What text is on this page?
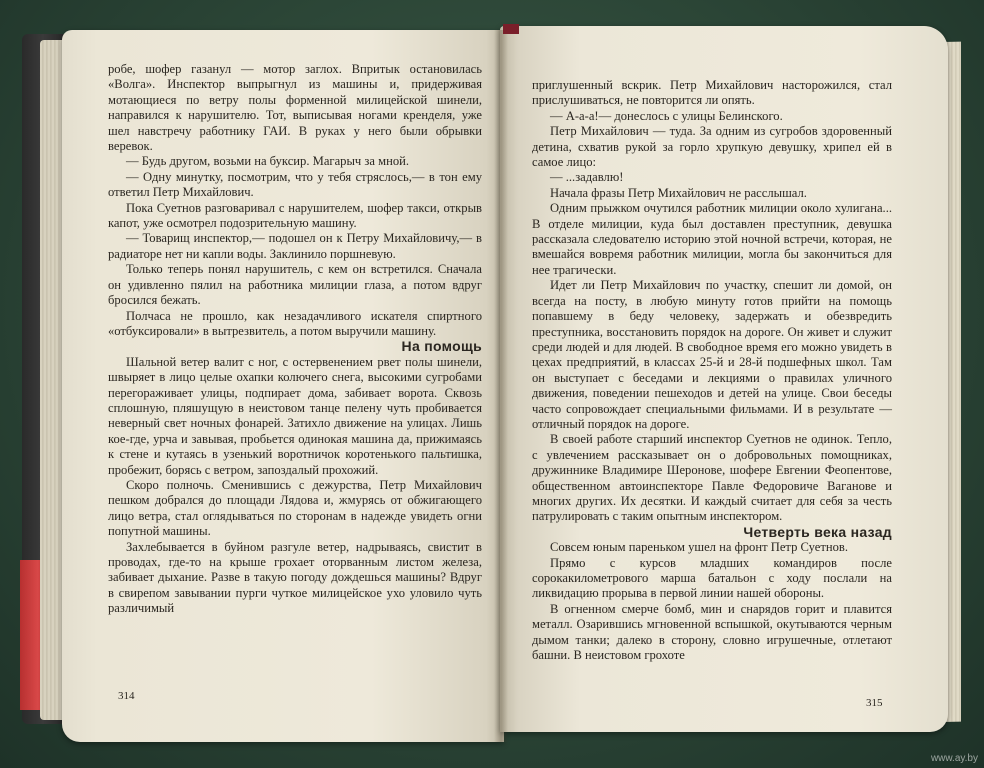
робе, шофер газанул — мотор заглох. Впритык остановилась «Волга». Инспектор выпрыгнул из машины и, придерживая мотающиеся по ветру полы форменной милицейской шинели, направился к нарушителю. Тот, выписывая ногами кренделя, уже шел навстречу работнику ГАИ. В руках у него были обрывки веревок.

— Будь другом, возьми на буксир. Магарыч за мной.

— Одну минутку, посмотрим, что у тебя стряслось,— в тон ему ответил Петр Михайлович.

Пока Суетнов разговаривал с нарушителем, шофер такси, открыв капот, уже осмотрел подозрительную машину.

— Товарищ инспектор,— подошел он к Петру Михайловичу,— в радиаторе нет ни капли воды. Заклинило поршневую.

Только теперь понял нарушитель, с кем он встретился. Сначала он удивленно пялил на работника милиции глаза, а потом вдруг бросился бежать.

Полчаса не прошло, как незадачливого искателя спиртного «отбуксировали» в вытрезвитель, а потом выручили машину.

На помощь

Шальной ветер валит с ног, с остервенением рвет полы шинели, швыряет в лицо целые охапки колючего снега, высокими сугробами перегораживает улицы, подпирает дома, забивает ворота. Сквозь сплошную, пляшущую в неистовом танце пелену чуть пробивается неверный свет ночных фонарей. Затихло движение на улицах. Лишь кое-где, урча и завывая, пробьется одинокая машина да, прижимаясь к стене и кутаясь в узенький воротничок коротенького пальтишка, пробежит, борясь с ветром, запоздалый прохожий.

Скоро полночь. Сменившись с дежурства, Петр Михайлович пешком добрался до площади Лядова и, жмурясь от обжигающего лицо ветра, стал оглядываться по сторонам в надежде увидеть огни попутной машины.

Захлебывается в буйном разгуле ветер, надрываясь, свистит в проводах, где-то на крыше грохает оторванным листом железа, забивает дыхание. Разве в такую погоду дождешься машины? Вдруг в свирепом завывании пурги чуткое милицейское ухо уловило чуть различимый

314

приглушенный вскрик. Петр Михайлович насторожился, стал прислушиваться, не повторится ли опять.

— А-а-а!— донеслось с улицы Белинского.

Петр Михайлович — туда. За одним из сугробов здоровенный детина, схватив рукой за горло хрупкую девушку, хрипел ей в самое лицо:

— ...задавлю!

Начала фразы Петр Михайлович не расслышал.

Одним прыжком очутился работник милиции около хулигана... В отделе милиции, куда был доставлен преступник, девушка рассказала следователю историю этой ночной встречи, которая, не вмешайся вовремя работник милиции, могла бы закончиться для нее трагически.

Идет ли Петр Михайлович по участку, спешит ли домой, он всегда на посту, в любую минуту готов прийти на помощь попавшему в беду человеку, задержать и обезвредить преступника, восстановить порядок на дороге. Он живет и служит среди людей и для людей. В свободное время его можно увидеть в цехах предприятий, в классах 25-й и 28-й подшефных школ. Там он выступает с беседами и лекциями о правилах уличного движения, поведении пешеходов и детей на улице. Свои беседы часто сопровождает специальными фильмами. И в результате — отличный порядок на дороге.

В своей работе старший инспектор Суетнов не одинок. Тепло, с увлечением рассказывает он о добровольных помощниках, дружиннике Владимире Шеронове, шофере Евгении Феопентове, общественном автоинспекторе Павле Федоровиче Ваганове и многих других. Их десятки. И каждый считает для себя за честь патрулировать с таким опытным инспектором.

Четверть века назад

Совсем юным пареньком ушел на фронт Петр Суетнов.

Прямо с курсов младших командиров после сорокакилометрового марша батальон с ходу послали на ликвидацию прорыва в первой линии нашей обороны.

В огненном смерче бомб, мин и снарядов горит и плавится металл. Озарившись мгновенной вспышкой, окутываются черным дымом танки; далеко в сторону, словно игрушечные, отлетают башни. В неистовом грохоте

315
www.ay.by
